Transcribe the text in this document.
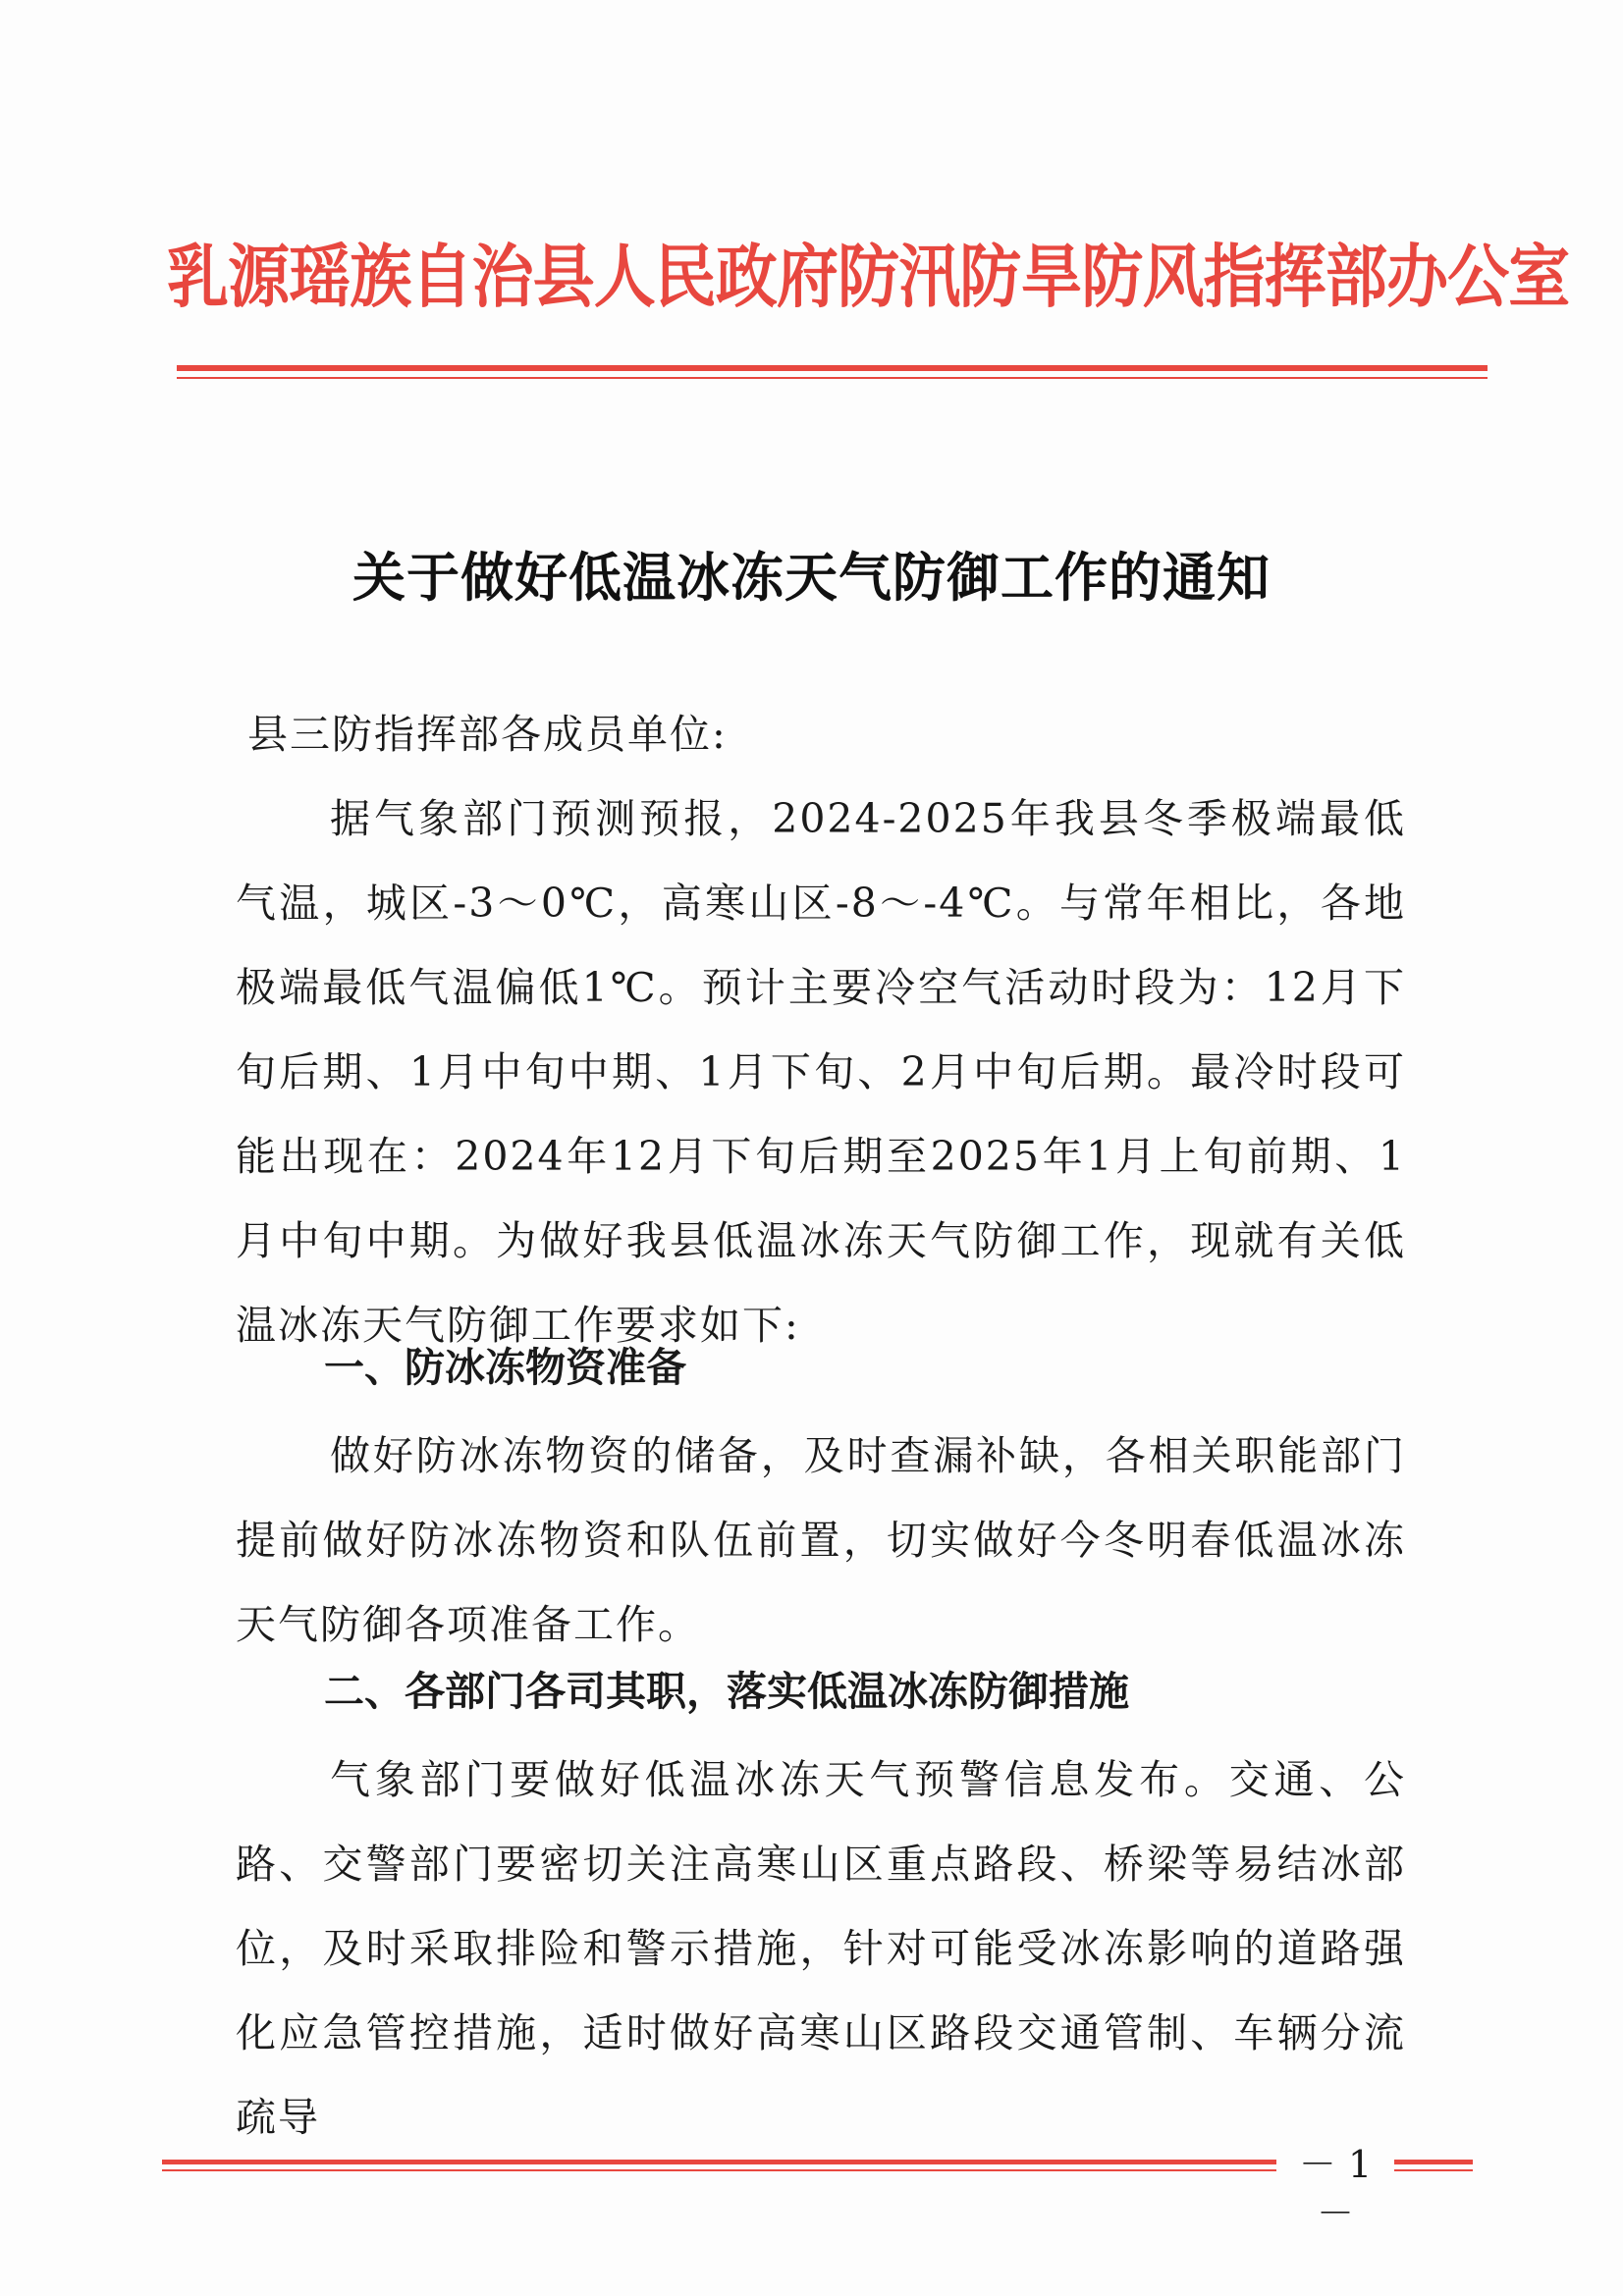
乳源瑶族自治县人民政府防汛防旱防风指挥部办公室
关于做好低温冰冻天气防御工作的通知
县三防指挥部各成员单位:
据气象部门预测预报，2024-2025年我县冬季极端最低气温，城区-3～0℃，高寒山区-8～-4℃。与常年相比，各地极端最低气温偏低1℃。预计主要冷空气活动时段为：12月下旬后期、1月中旬中期、1月下旬、2月中旬后期。最冷时段可能出现在：2024年12月下旬后期至2025年1月上旬前期、1月中旬中期。为做好我县低温冰冻天气防御工作，现就有关低温冰冻天气防御工作要求如下:
一、防冰冻物资准备
做好防冰冻物资的储备，及时查漏补缺，各相关职能部门提前做好防冰冻物资和队伍前置，切实做好今冬明春低温冰冻天气防御各项准备工作。
二、各部门各司其职，落实低温冰冻防御措施
气象部门要做好低温冰冻天气预警信息发布。交通、公路、交警部门要密切关注高寒山区重点路段、桥梁等易结冰部位，及时采取排险和警示措施，针对可能受冰冻影响的道路强化应急管控措施，适时做好高寒山区路段交通管制、车辆分流疏导
－ 1 －
